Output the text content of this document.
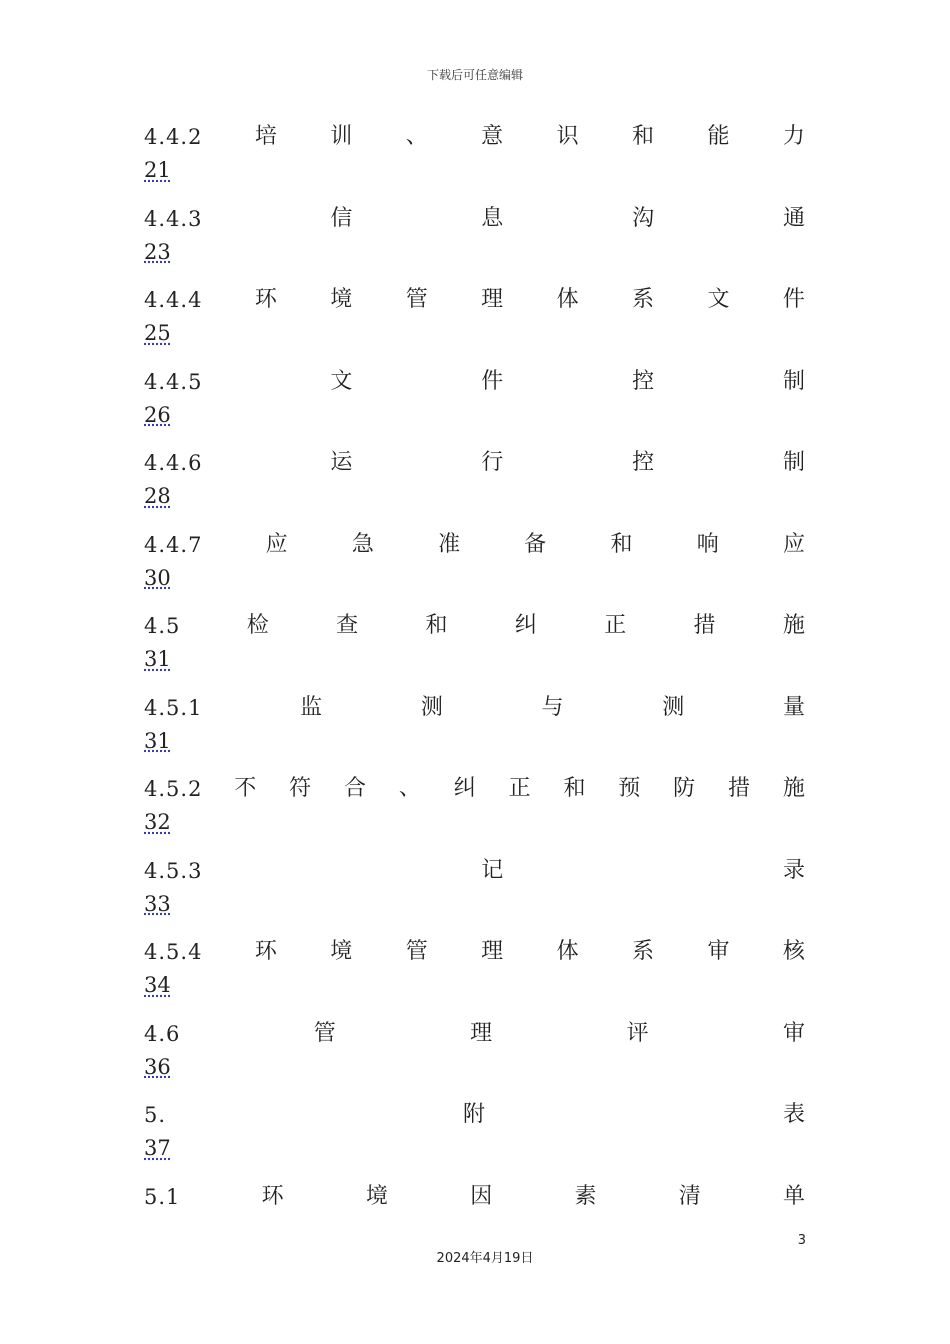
下载后可任意编辑
4.4.2 培 训 、 意 识 和 能 力
21
4.4.3	信	息	沟	通
23
4.4.4 环 境 管 理 体 系 文 件
25
4.4.5	文	件	控	制
26
4.4.6	运	行	控	制
28
4.4.7	应	急	准	备	和	响	应
30
4.5	检	查	和	纠	正	措	施
31
4.5.1	监	测	与	测	量
31
4.5.2 不 符 合 、 纠 正 和 预 防 措 施
32
4.5.3	记	录
33
4.5.4 环 境 管 理 体 系 审 核
34
4.6	管	理	评	审
36
5.	附	表
37
5.1	环	境	因	素	清	单
3
2024年4月19日
